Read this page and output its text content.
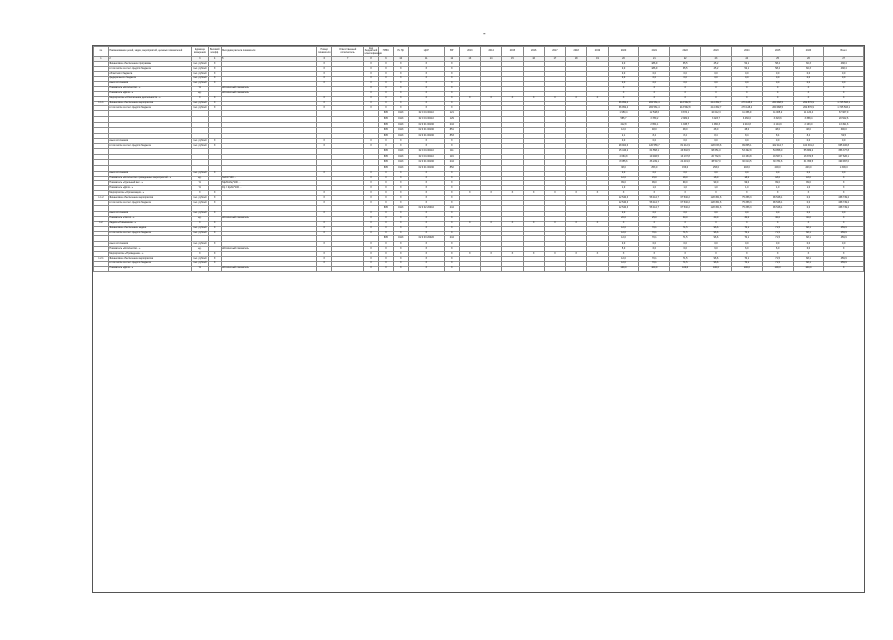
-
№	Наименование целей, задач, мероприятий, целевых показателей	Единица измерения	Весовой коэфф.	Методика расчета показателя	Номер показателя	Ответственный исполнитель	Код бюджетной классификации	ГРБС	Рз Пр	ЦСР	ВР	2013	2014	2015	2016	2017	2018	2019	2020	2021	2022	2023	2024	2025	2026	Всего
1	2	3	4	5	6	7	8	9	10	11	12	13	14	15	16	17	18	19	20	21	22	23	24	25	26	27
	Финансовое обеспечение программы	тыс. рублей	Х		Х		Х	Х	Х	Х	Х								0,0	186,9	35,5	45,2	52,1	58,4	60,3	438,4
	в том числе за счет средств бюджета	тыс. рублей	Х		Х		Х	Х	Х	Х	Х								0,0	186,9	35,5	45,2	52,1	58,4	60,3	438,4
	областного бюджета	тыс. рублей	Х		Х		Х	Х	Х	Х	Х								0,0	0,0	0,0	0,0	0,0	0,0	0,0	0,0
	федерального бюджета	тыс. рублей	Х		Х		Х	Х	Х	Х	Х								0,0	0,0	0,0	0,0	0,0	0,0	0,0	0,0
	иных источников	тыс. рублей	Х		Х		Х	Х	Х	Х	Х								0,0	0,0	0,0	0,0	0,0	0,0	0,0	0,0
	Показатель «Количество...»	%		абсолютный показатель			Х	Х	Х	Х	Х								Х	Х	Х	Х	Х	Х	Х	Х
	Показатель «Доля...»	ед.		абсолютный показатель			Х	Х	Х	Х	Х								Х	Х	Х	Х	Х	Х	Х	Х
	Мероприятие «Обеспечение деятельности...»	Х	Х		Х		Х	Х	Х	Х	Х	Х	Х	Х	Х	Х	Х	Х	Х	Х	Х	Х	Х	Х	Х	Х
1.1.1	Финансовое обеспечение мероприятия	тыс. рублей	Х		Х		Х	Х	Х	Х	Х								36 952,4	284 561,4	213 562,8	214 452,7	273 128,4	260 968,5	262 876,9	1 745 503,1
	в том числе за счет средств бюджета	тыс. рублей	Х		Х		Х	Х	Х	Х	Х								36 952,4	284 561,4	213 562,8	214 452,7	273 128,4	260 968,5	262 876,9	1 745 503,1
								805	0113	02 0 01 00110	121								1 950,4	12 548,6	9 874,1	10 012,3	11 456,9	11 005,2	11 120,4	67 967,9
								805	0113	02 0 01 00110	129								585,7	3 789,2	2 982,0	3 023,7	3 460,0	3 323,6	3 358,4	20 522,6
								805	0113	02 0 01 00190	244								412,8	2 654,1	1 945,7	1 960,3	2 210,8	2 144,9	2 163,0	13 491,6
								805	0113	02 0 01 00190	851								12,0	48,0	48,0	48,0	48,0	48,0	48,0	300,0
								805	0113	02 0 01 00190	853								2,1	8,4	8,4	8,4	8,4	8,4	8,4	52,5
	иных источников	тыс. рублей	Х		Х		Х	Х	Х	Х	Х								0,0	0,0	0,0	0,0	0,0	0,0	0,0	0,0
	в том числе за счет средств бюджета	тыс. рублей	Х		Х		Х	Х	Х	Х	Х								28 904,6	120 556,7	81 212,9	128 153,6	99 865,1	102 412,7	104 301,2	665 406,8
								805	0113	02 0 01 00110	111								15 446,2	64 558,1	43 502,5	68 651,0	53 492,8	54 858,0	55 869,2	356 377,8
								805	0113	02 0 01 00110	119								4 664,8	19 496,5	13 137,8	20 732,6	16 154,8	16 567,1	16 872,5	107 626,1
								805	0113	02 0 01 00190	244								8 655,6	36 249,1	24 419,6	38 517,0	30 014,5	30 784,6	31 356,5	199 997,0
								805	0113	02 0 01 00190	852								38,0	253,0	153,0	253,0	203,0	203,0	203,0	1 306,0
	иных источников	тыс. рублей	Х		Х		Х	Х	Х	Х	Х								0,0	0,0	0,0	0,0	0,0	0,0	0,0	0,0
	Показатель «Количество проведенных мероприятий...»	ед.		Nз/Nп*100 ...			Х	Х	Х	Х	Х								12,0	15,0	18,0	18,0	18,0	18,0	18,0	Х
	Показатель «Удельный вес...»	%		Nф/Nобщ*100 ...			Х	Х	Х	Х	Х								99,0	99,0	99,0	99,0	99,0	99,0	99,0	Х
	Показатель «Доля...»	%		Dр = Кр/Ко*100 ...			Х	Х	Х	Х	Х								1,0	1,0	1,0	1,0	1,0	1,0	1,0	Х
	Мероприятие «Организация...»	Х	Х		Х		Х	Х	Х	Х	Х	Х	Х	Х	Х	Х	Х	Х	Х	Х	Х	Х	Х	Х	Х	Х
1.1.2	Финансовое обеспечение мероприятия	тыс. рублей	Х		Х		Х	Х	Х	Х	Х								12 540,3	58 412,7	67 540,2	128 451,6	75 256,3	96 548,1	0,0	438 749,2
	в том числе за счет средств бюджета	тыс. рублей	Х		Х		Х	Х	Х	Х	Х								12 540,3	58 412,7	67 540,2	128 451,6	75 256,3	96 548,1	0,0	438 749,2
								805	0113	02 0 02 20010	244								12 540,3	58 412,7	67 540,2	128 451,6	75 256,3	96 548,1	0,0	438 749,2
	иных источников	тыс. рублей	Х		Х		Х	Х	Х	Х	Х								0,0	0,0	0,0	0,0	0,0	0,0	0,0	0,0
	Показатель «Число...»	ед.		абсолютный показатель			Х	Х	Х	Х	Х								20,0	25,0	30,0	30,0	30,0	30,0	30,0	Х
1.2	Задача «Повышение...»	Х	Х		Х		Х	Х	Х	Х	Х	Х	Х	Х	Х	Х	Х	Х	Х	Х	Х	Х	Х	Х	Х	Х
	Финансовое обеспечение задачи	тыс. рублей	Х		Х		Х	Х	Х	Х	Х								12,0	70,1	71,5	96,6	70,1	71,5	68,1	459,9
	в том числе за счет средств бюджета	тыс. рублей	Х		Х		Х	Х	Х	Х	Х								12,0	70,1	71,5	96,6	70,1	71,5	68,1	459,9
								805	0113	02 0 03 20020	244								12,0	70,1	71,5	96,6	70,1	71,5	68,1	459,9
	иных источников	тыс. рублей	Х		Х		Х	Х	Х	Х	Х								0,0	0,0	0,0	0,0	0,0	0,0	0,0	0,0
	Показатель «Количество...»	ед.		абсолютный показатель			Х	Х	Х	Х	Х								5,0	6,0	6,0	6,0	6,0	6,0	6,0	Х
	Мероприятие «Проведение...»	Х	Х		Х		Х	Х	Х	Х	Х	Х	Х	Х	Х	Х	Х	Х	Х	Х	Х	Х	Х	Х	Х	Х
1.2.1	Финансовое обеспечение мероприятия	тыс. рублей	Х		Х		Х	Х	Х	Х	Х								12,0	70,1	71,5	96,6	70,1	71,5	68,1	459,9
	в том числе за счет средств бюджета	тыс. рублей	Х		Х		Х	Х	Х	Х	Х								12,0	70,1	71,5	96,6	70,1	71,5	68,1	459,9
	Показатель «Доля...»	%		абсолютный показатель			Х	Х	Х	Х	Х								100,0	100,0	100,0	100,0	100,0	100,0	100,0	Х
